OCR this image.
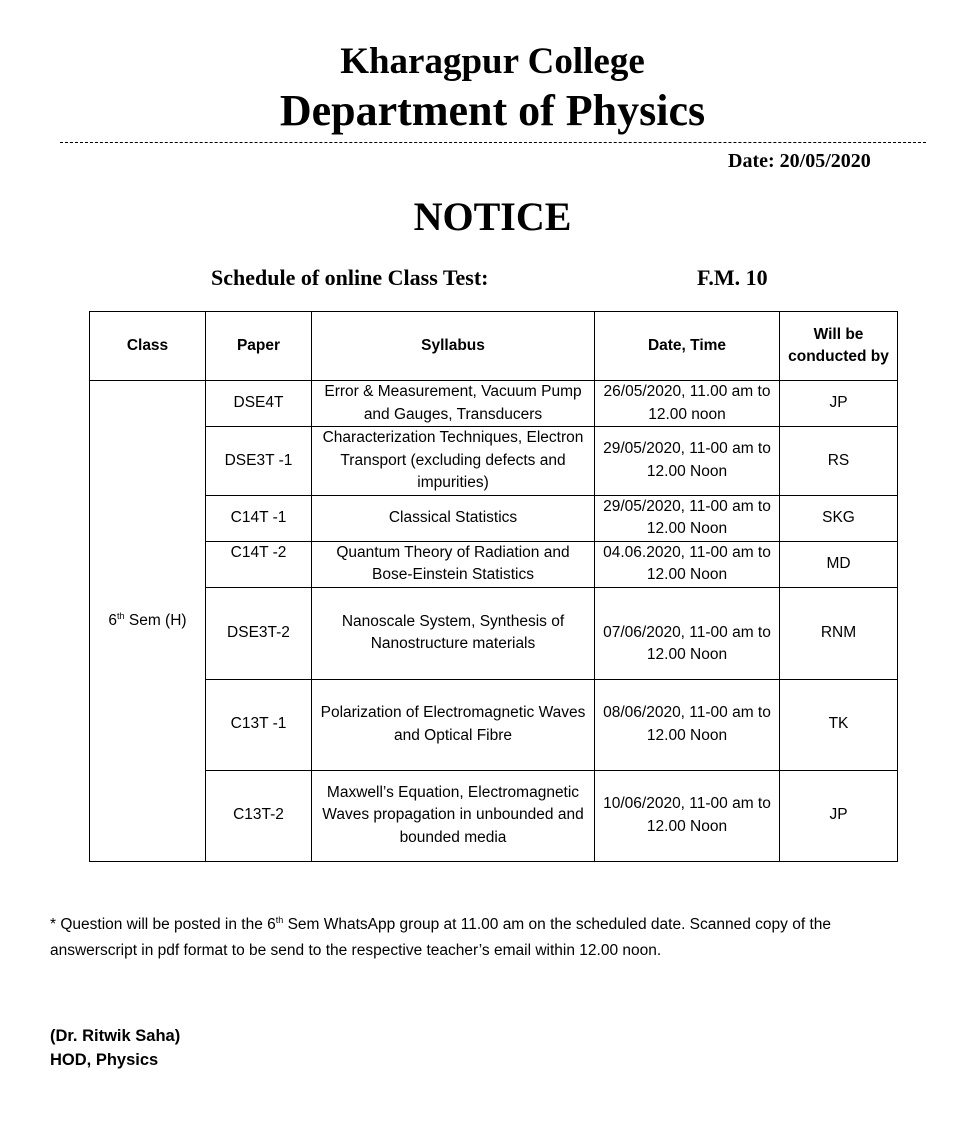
Kharagpur College
Department of Physics
Date: 20/05/2020
NOTICE
Schedule of online Class Test:	F.M. 10
Class	Paper	Syllabus	Date, Time	Will be conducted by
6th Sem (H)	DSE4T	Error & Measurement, Vacuum Pump and Gauges, Transducers	26/05/2020, 11.00 am to 12.00 noon	JP
	DSE3T -1	Characterization Techniques, Electron Transport (excluding defects and impurities)	29/05/2020, 11-00 am to 12.00 Noon	RS
	C14T -1	Classical Statistics	29/05/2020, 11-00 am to 12.00 Noon	SKG
	C14T -2	Quantum Theory of Radiation and Bose-Einstein Statistics	04.06.2020, 11-00 am to 12.00 Noon	MD
	DSE3T-2	Nanoscale System, Synthesis of Nanostructure materials	07/06/2020, 11-00 am to 12.00 Noon	RNM
	C13T -1	Polarization of Electromagnetic Waves and Optical Fibre	08/06/2020, 11-00 am to 12.00 Noon	TK
	C13T-2	Maxwell’s Equation, Electromagnetic Waves propagation in unbounded and bounded media	10/06/2020, 11-00 am to 12.00 Noon	JP
* Question will be posted in the 6th Sem WhatsApp group at 11.00 am on the scheduled date. Scanned copy of the answerscript in pdf format to be send to the respective teacher’s email within 12.00 noon.
(Dr. Ritwik Saha)
HOD, Physics
